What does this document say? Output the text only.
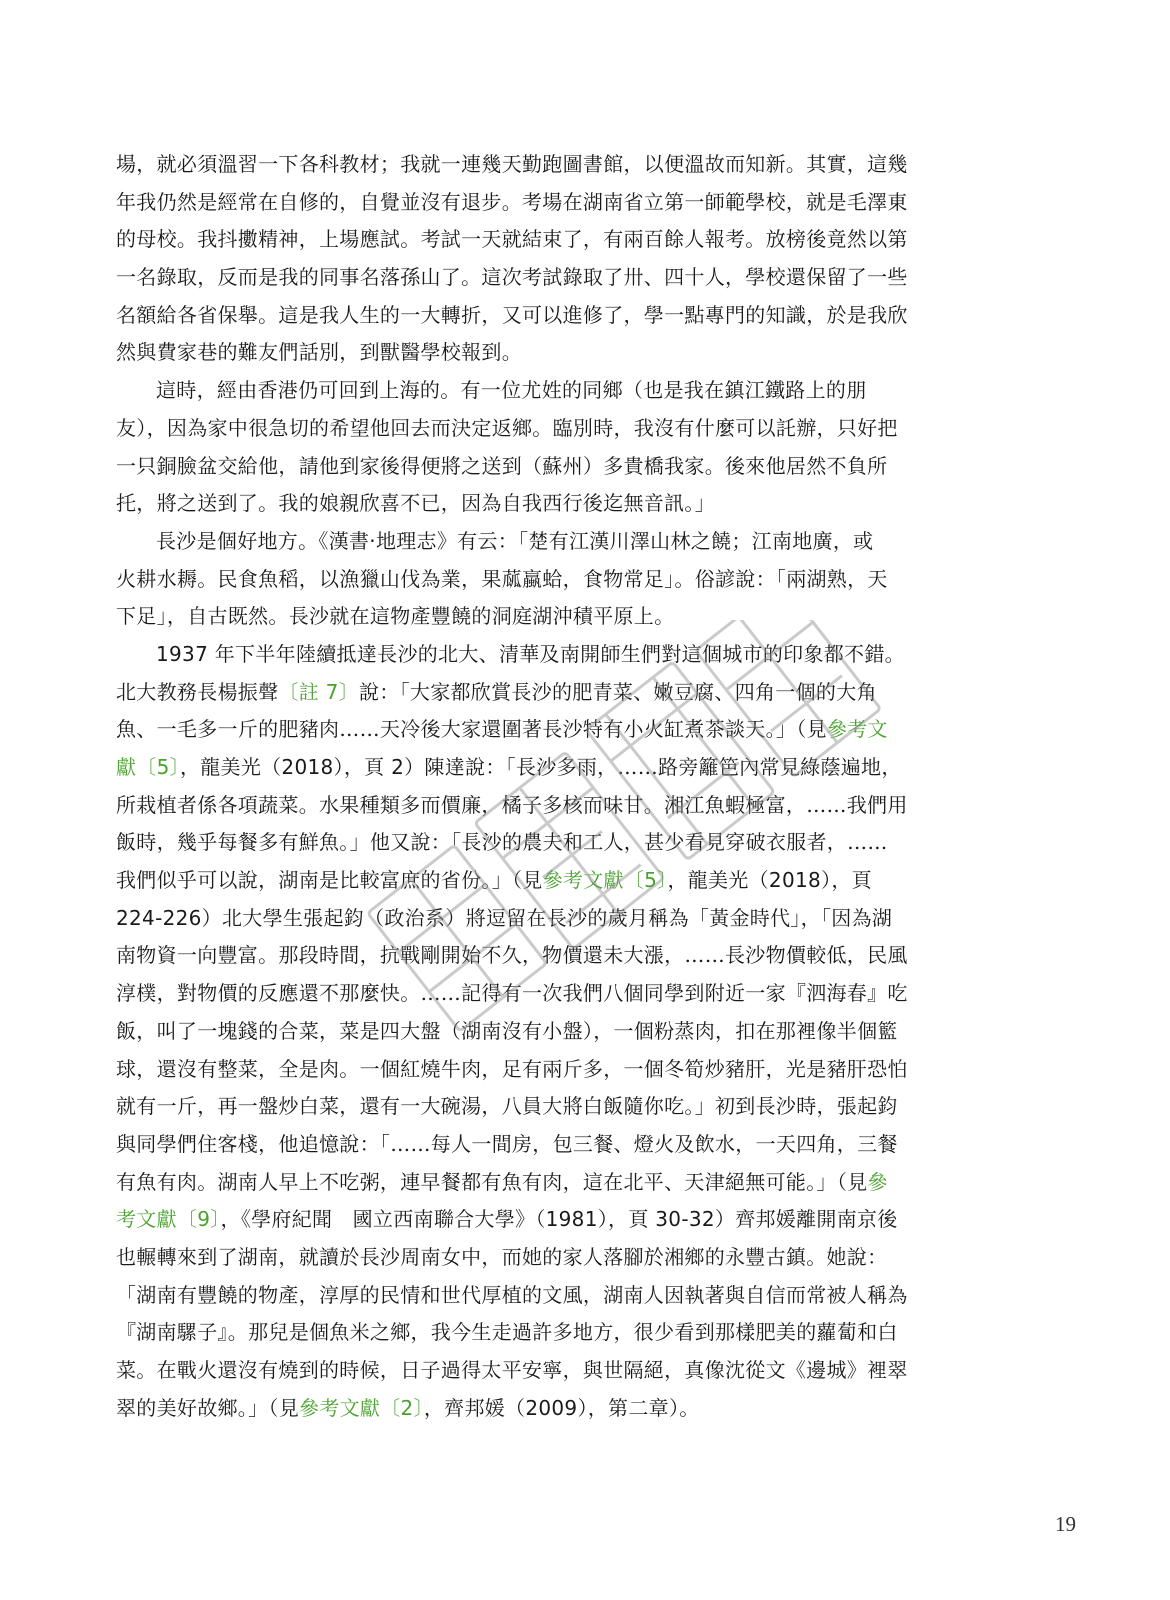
場，就必須溫習一下各科教材；我就一連幾天勤跑圖書館，以便溫故而知新。其實，這幾
年我仍然是經常在自修的，自覺並沒有退步。考場在湖南省立第一師範學校，就是毛澤東
的母校。我抖擻精神，上場應試。考試一天就結束了，有兩百餘人報考。放榜後竟然以第
一名錄取，反而是我的同事名落孫山了。這次考試錄取了卅、四十人，學校還保留了一些
名額給各省保舉。這是我人生的一大轉折，又可以進修了，學一點專門的知識，於是我欣
然與費家巷的難友們話別，到獸醫學校報到。
這時，經由香港仍可回到上海的。有一位尤姓的同鄉（也是我在鎮江鐵路上的朋
友），因為家中很急切的希望他回去而決定返鄉。臨別時，我沒有什麼可以託辦，只好把
一只銅臉盆交給他，請他到家後得便將之送到（蘇州）多貴橋我家。後來他居然不負所
托，將之送到了。我的娘親欣喜不已，因為自我西行後迄無音訊。」
長沙是個好地方。《漢書·地理志》有云：「楚有江漢川澤山林之饒；江南地廣，或
火耕水耨。民食魚稻，以漁獵山伐為業，果蓏蠃蛤，食物常足」。俗諺說：「兩湖熟，天
下足」，自古既然。長沙就在這物產豐饒的洞庭湖沖積平原上。
1937 年下半年陸續抵達長沙的北大、清華及南開師生們對這個城市的印象都不錯。
北大教務長楊振聲〔註 7〕說：「大家都欣賞長沙的肥青菜、嫩豆腐、四角一個的大角
魚、一毛多一斤的肥豬肉……天冷後大家還圍著長沙特有小火缸煮茶談天。」（見參考文
獻〔5〕，龍美光（2018），頁 2）陳達說：「長沙多雨，……路旁籬笆內常見綠蔭遍地，
所栽植者係各項蔬菜。水果種類多而價廉，橘子多核而味甘。湘江魚蝦極富，……我們用
飯時，幾乎每餐多有鮮魚。」他又說：「長沙的農夫和工人，甚少看見穿破衣服者，……
我們似乎可以說，湖南是比較富庶的省份。」（見參考文獻〔5〕，龍美光（2018），頁
224-226）北大學生張起鈞（政治系）將逗留在長沙的歲月稱為「黃金時代」，「因為湖
南物資一向豐富。那段時間，抗戰剛開始不久，物價還未大漲，……長沙物價較低，民風
淳樸，對物價的反應還不那麼快。……記得有一次我們八個同學到附近一家『泗海春』吃
飯，叫了一塊錢的合菜，菜是四大盤（湖南沒有小盤），一個粉蒸肉，扣在那裡像半個籃
球，還沒有整菜，全是肉。一個紅燒牛肉，足有兩斤多，一個冬筍炒豬肝，光是豬肝恐怕
就有一斤，再一盤炒白菜，還有一大碗湯，八員大將白飯隨你吃。」初到長沙時，張起鈞
與同學們住客棧，他追憶說：「……每人一間房，包三餐、燈火及飲水，一天四角，三餐
有魚有肉。湖南人早上不吃粥，連早餐都有魚有肉，這在北平、天津絕無可能。」（見參
考文獻〔9〕，《學府紀聞　國立西南聯合大學》（1981），頁 30-32）齊邦媛離開南京後
也輾轉來到了湖南，就讀於長沙周南女中，而她的家人落腳於湘鄉的永豐古鎮。她說：
「湖南有豐饒的物產，淳厚的民情和世代厚植的文風，湖南人因執著與自信而常被人稱為
『湖南騾子』。那兒是個魚米之鄉，我今生走過許多地方，很少看到那樣肥美的蘿蔔和白
菜。在戰火還沒有燒到的時候，日子過得太平安寧，與世隔絕，真像沈從文《邊城》裡翠
翠的美好故鄉。」（見參考文獻〔2〕，齊邦媛（2009），第二章）。
19
